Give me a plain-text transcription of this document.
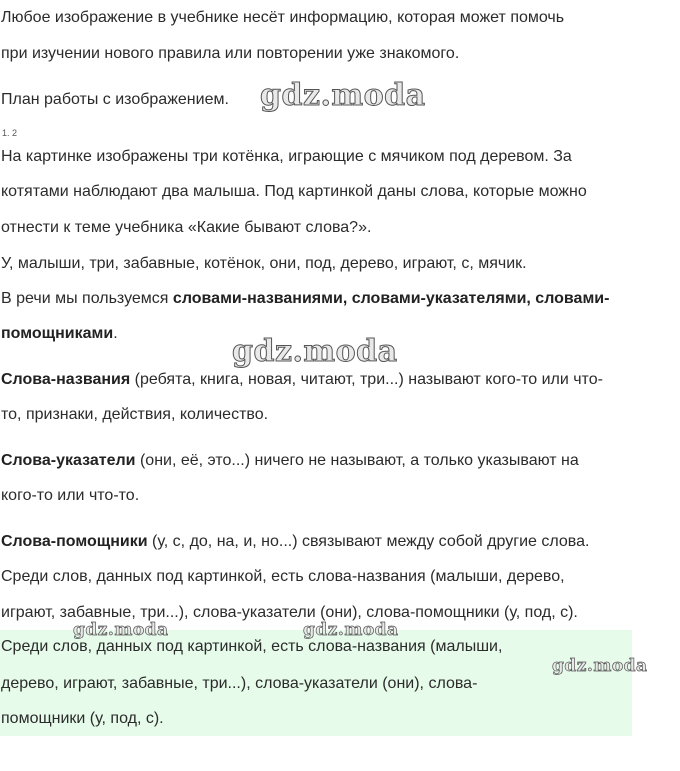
Любое изображение в учебнике несёт информацию, которая может помочь
при изучении нового правила или повторении уже знакомого.
План работы с изображением.
1. 2
На картинке изображены три котёнка, играющие с мячиком под деревом. За
котятами наблюдают два малыша. Под картинкой даны слова, которые можно
отнести к теме учебника «Какие бывают слова?».
У, малыши, три, забавные, котёнок, они, под, дерево, играют, с, мячик.
В речи мы пользуемся словами-названиями, словами-указателями, словами-
помощниками.
Слова-названия (ребята, книга, новая, читают, три...) называют кого-то или что-
то, признаки, действия, количество.
Слова-указатели (они, её, это...) ничего не называют, а только указывают на
кого-то или что-то.
Слова-помощники (у, с, до, на, и, но...) связывают между собой другие слова.
Среди слов, данных под картинкой, есть слова-названия (малыши, дерево,
играют, забавные, три...), слова-указатели (они), слова-помощники (у, под, с).
Среди слов, данных под картинкой, есть слова-названия (малыши,
дерево, играют, забавные, три...), слова-указатели (они), слова-
помощники (у, под, с).
gdz.moda
gdz.moda
gdz.moda	gdz.moda
gdz.moda
